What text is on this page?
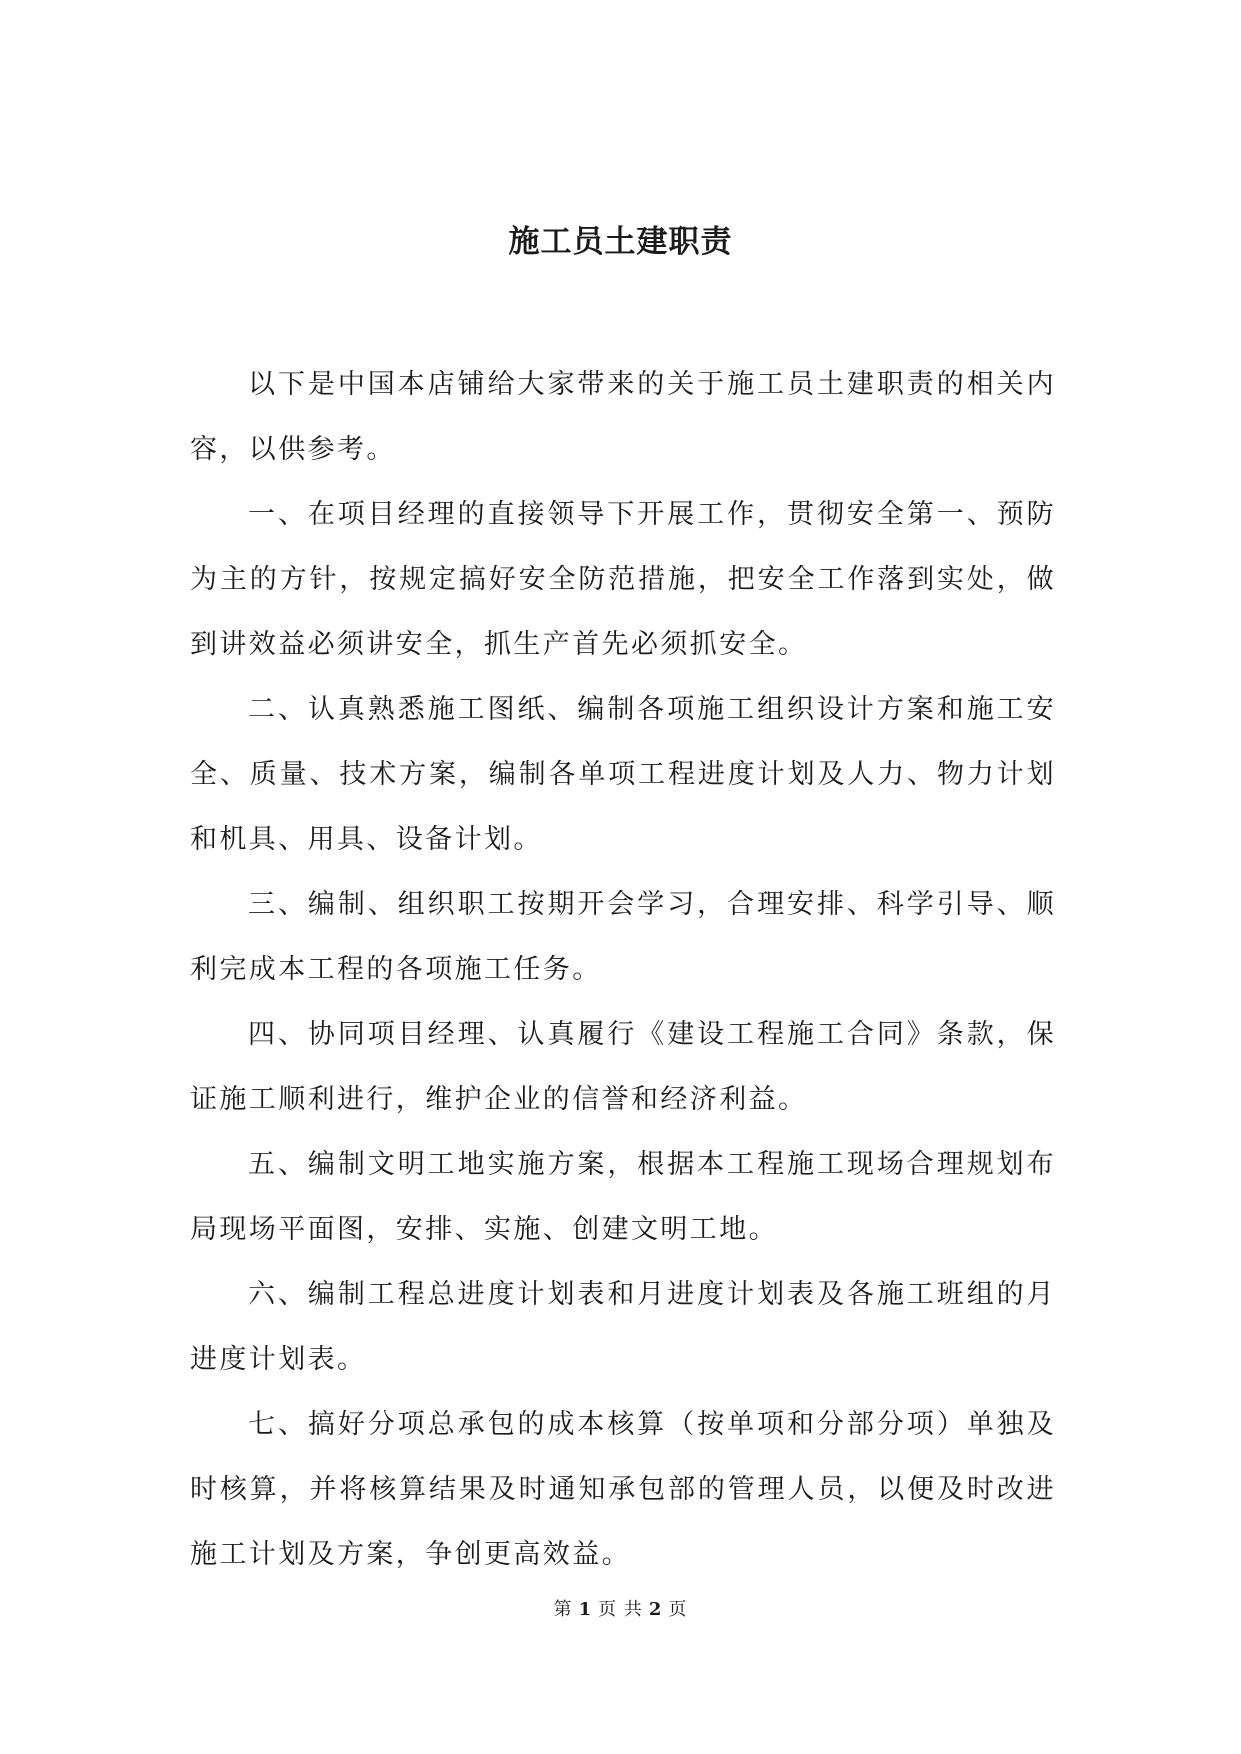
施工员土建职责

以下是中国本店铺给大家带来的关于施工员土建职责的相关内容，以供参考。

一、在项目经理的直接领导下开展工作，贯彻安全第一、预防为主的方针，按规定搞好安全防范措施，把安全工作落到实处，做到讲效益必须讲安全，抓生产首先必须抓安全。

二、认真熟悉施工图纸、编制各项施工组织设计方案和施工安全、质量、技术方案，编制各单项工程进度计划及人力、物力计划和机具、用具、设备计划。

三、编制、组织职工按期开会学习，合理安排、科学引导、顺利完成本工程的各项施工任务。

四、协同项目经理、认真履行《建设工程施工合同》条款，保证施工顺利进行，维护企业的信誉和经济利益。

五、编制文明工地实施方案，根据本工程施工现场合理规划布局现场平面图，安排、实施、创建文明工地。

六、编制工程总进度计划表和月进度计划表及各施工班组的月进度计划表。

七、搞好分项总承包的成本核算（按单项和分部分项）单独及时核算，并将核算结果及时通知承包部的管理人员，以便及时改进施工计划及方案，争创更高效益。

第 1 页 共 2 页
